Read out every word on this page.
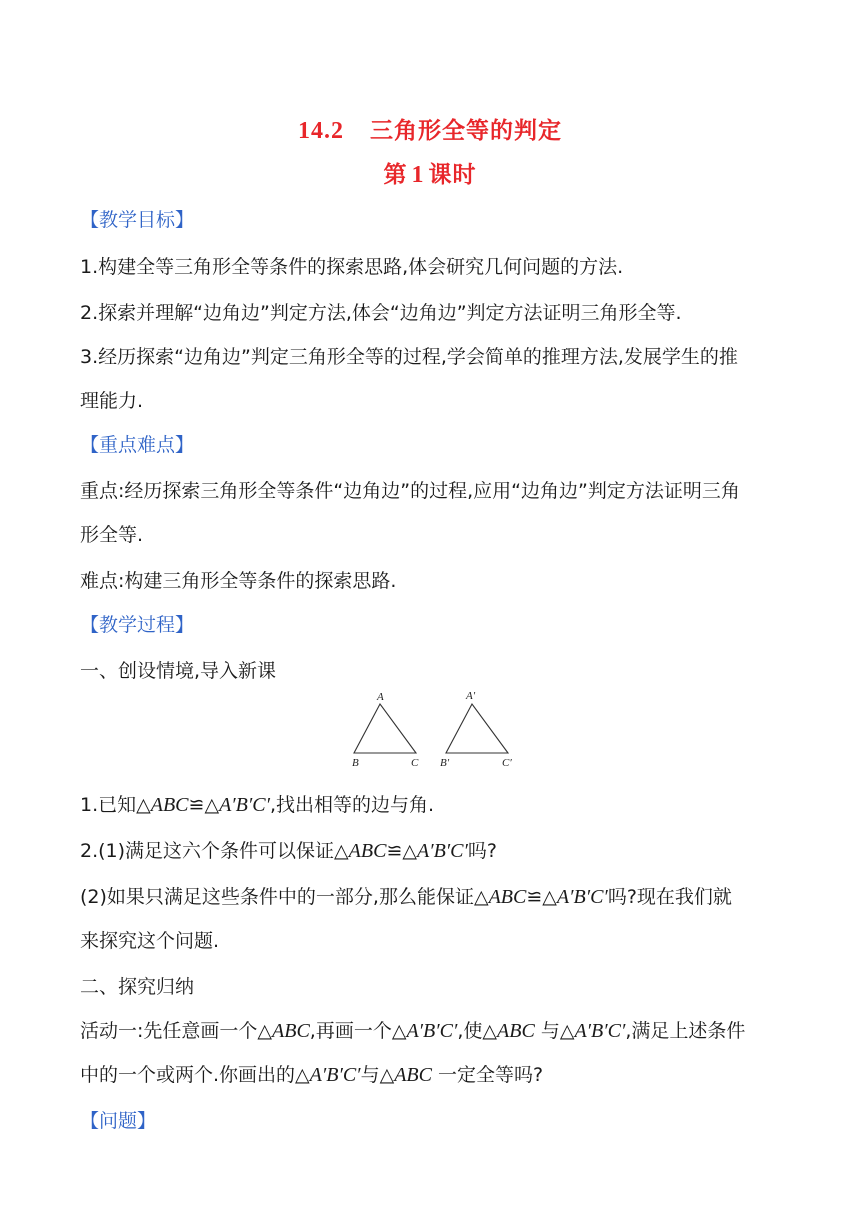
14.2 三角形全等的判定
第 1 课时
【教学目标】
1.构建全等三角形全等条件的探索思路,体会研究几何问题的方法.
2.探索并理解“边角边”判定方法,体会“边角边”判定方法证明三角形全等.
3.经历探索“边角边”判定三角形全等的过程,学会简单的推理方法,发展学生的推
理能力.
【重点难点】
重点:经历探索三角形全等条件“边角边”的过程,应用“边角边”判定方法证明三角
形全等.
难点:构建三角形全等条件的探索思路.
【教学过程】
一、创设情境,导入新课
A
B	C
A′
B′	C′
1.已知△ABC≌△A′B′C′,找出相等的边与角.
2.(1)满足这六个条件可以保证△ABC≌△A′B′C′吗?
(2)如果只满足这些条件中的一部分,那么能保证△ABC≌△A′B′C′吗?现在我们就
来探究这个问题.
二、探究归纳
活动一:先任意画一个△ABC,再画一个△A′B′C′,使△ABC 与△A′B′C′,满足上述条件
中的一个或两个.你画出的△A′B′C′与△ABC 一定全等吗?
【问题】
